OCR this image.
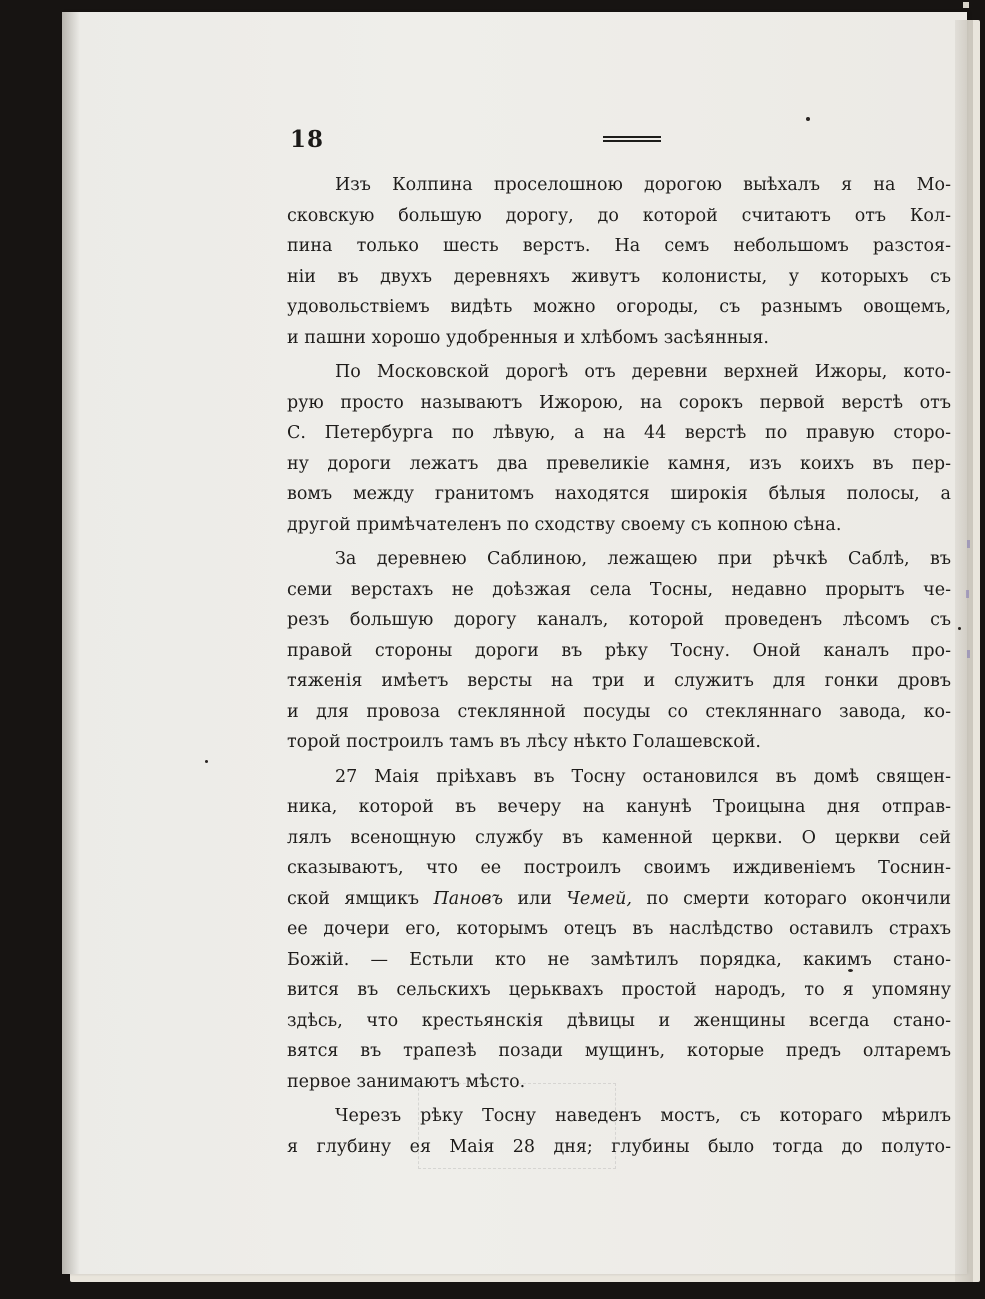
18
Изъ Колпина проселошною дорогою выѣхалъ я на Мо-
сковскую большую дорогу, до которой считаютъ отъ Кол-
пина только шесть верстъ. На семъ небольшомъ разстоя-
ніи въ двухъ деревняхъ живутъ колонисты, у которыхъ съ
удовольствіемъ видѣть можно огороды, съ разнымъ овощемъ,
и пашни хорошо удобренныя и хлѣбомъ засѣянныя.
По Московской дорогѣ отъ деревни верхней Ижоры, кото-
рую просто называютъ Ижорою, на сорокъ первой верстѣ отъ
С. Петербурга по лѣвую, а на 44 верстѣ по правую сторо-
ну дороги лежатъ два превеликіе камня, изъ коихъ въ пер-
вомъ между гранитомъ находятся широкія бѣлыя полосы, а
другой примѣчателенъ по сходству своему съ копною сѣна.
За деревнею Саблиною, лежащею при рѣчкѣ Саблѣ, въ
семи верстахъ не доѣзжая села Тосны, недавно прорытъ че-
резъ большую дорогу каналъ, которой проведенъ лѣсомъ съ
правой стороны дороги въ рѣку Тосну. Оной каналъ про-
тяженія имѣетъ версты на три и служитъ для гонки дровъ
и для провоза стеклянной посуды со стекляннаго завода, ко-
торой построилъ тамъ въ лѣсу нѣкто Голашевской.
27 Маія пріѣхавъ въ Тосну остановился въ домѣ священ-
ника, которой въ вечеру на канунѣ Троицына дня отправ-
лялъ всенощную службу въ каменной церкви. О церкви сей
сказываютъ, что ее построилъ своимъ иждивеніемъ Тоснин-
ской ямщикъ Пановъ или Чемей, по смерти котораго окончили
ее дочери его, которымъ отецъ въ наслѣдство оставилъ страхъ
Божій. — Естьли кто не замѣтилъ порядка, какимъ стано-
вится въ сельскихъ церьквахъ простой народъ, то я упомяну
здѣсь, что крестьянскія дѣвицы и женщины всегда стано-
вятся въ трапезѣ позади мущинъ, которые предъ олтаремъ
первое занимаютъ мѣсто.
Черезъ рѣку Тосну наведенъ мостъ, съ котораго мѣрилъ
я глубину ея Маія 28 дня; глубины было тогда до полуто-
